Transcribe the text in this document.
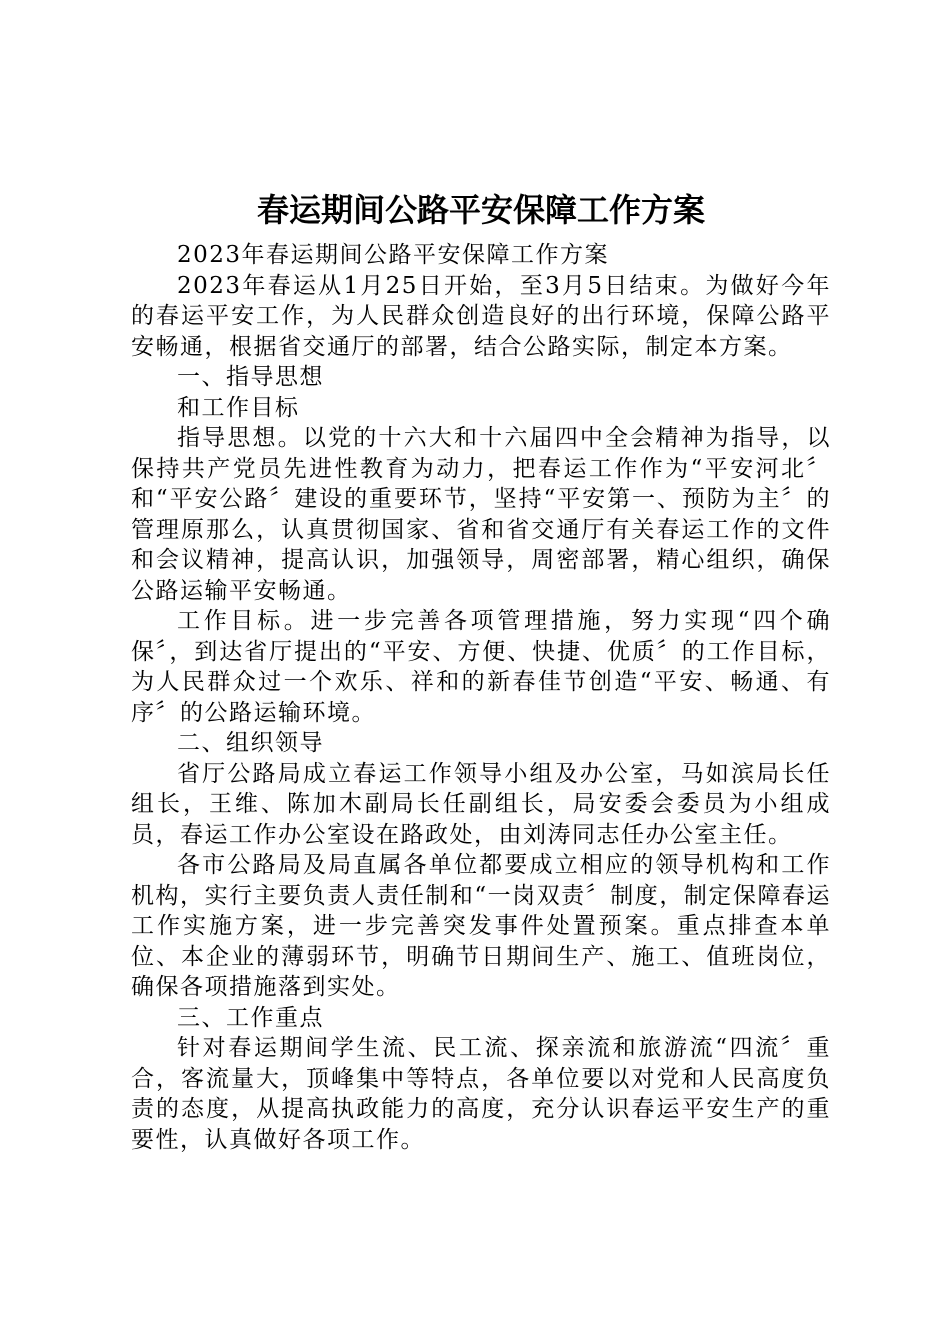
春运期间公路平安保障工作方案

2023年春运期间公路平安保障工作方案

2023年春运从1月25日开始，至3月5日结束。为做好今年的春运平安工作，为人民群众创造良好的出行环境，保障公路平安畅通，根据省交通厅的部署，结合公路实际，制定本方案。

一、指导思想

和工作目标

指导思想。以党的十六大和十六届四中全会精神为指导，以保持共产党员先进性教育为动力，把春运工作作为“平安河北〞和“平安公路〞建设的重要环节，坚持“平安第一、预防为主〞的管理原那么，认真贯彻国家、省和省交通厅有关春运工作的文件和会议精神，提高认识，加强领导，周密部署，精心组织，确保公路运输平安畅通。

工作目标。进一步完善各项管理措施，努力实现“四个确保〞，到达省厅提出的“平安、方便、快捷、优质〞的工作目标，为人民群众过一个欢乐、祥和的新春佳节创造“平安、畅通、有序〞的公路运输环境。

二、组织领导

省厅公路局成立春运工作领导小组及办公室，马如滨局长任组长，王维、陈加木副局长任副组长，局安委会委员为小组成员，春运工作办公室设在路政处，由刘涛同志任办公室主任。

各市公路局及局直属各单位都要成立相应的领导机构和工作机构，实行主要负责人责任制和“一岗双责〞制度，制定保障春运工作实施方案，进一步完善突发事件处置预案。重点排查本单位、本企业的薄弱环节，明确节日期间生产、施工、值班岗位，确保各项措施落到实处。

三、工作重点

针对春运期间学生流、民工流、探亲流和旅游流“四流〞重合，客流量大，顶峰集中等特点，各单位要以对党和人民高度负责的态度，从提高执政能力的高度，充分认识春运平安生产的重要性，认真做好各项工作。
